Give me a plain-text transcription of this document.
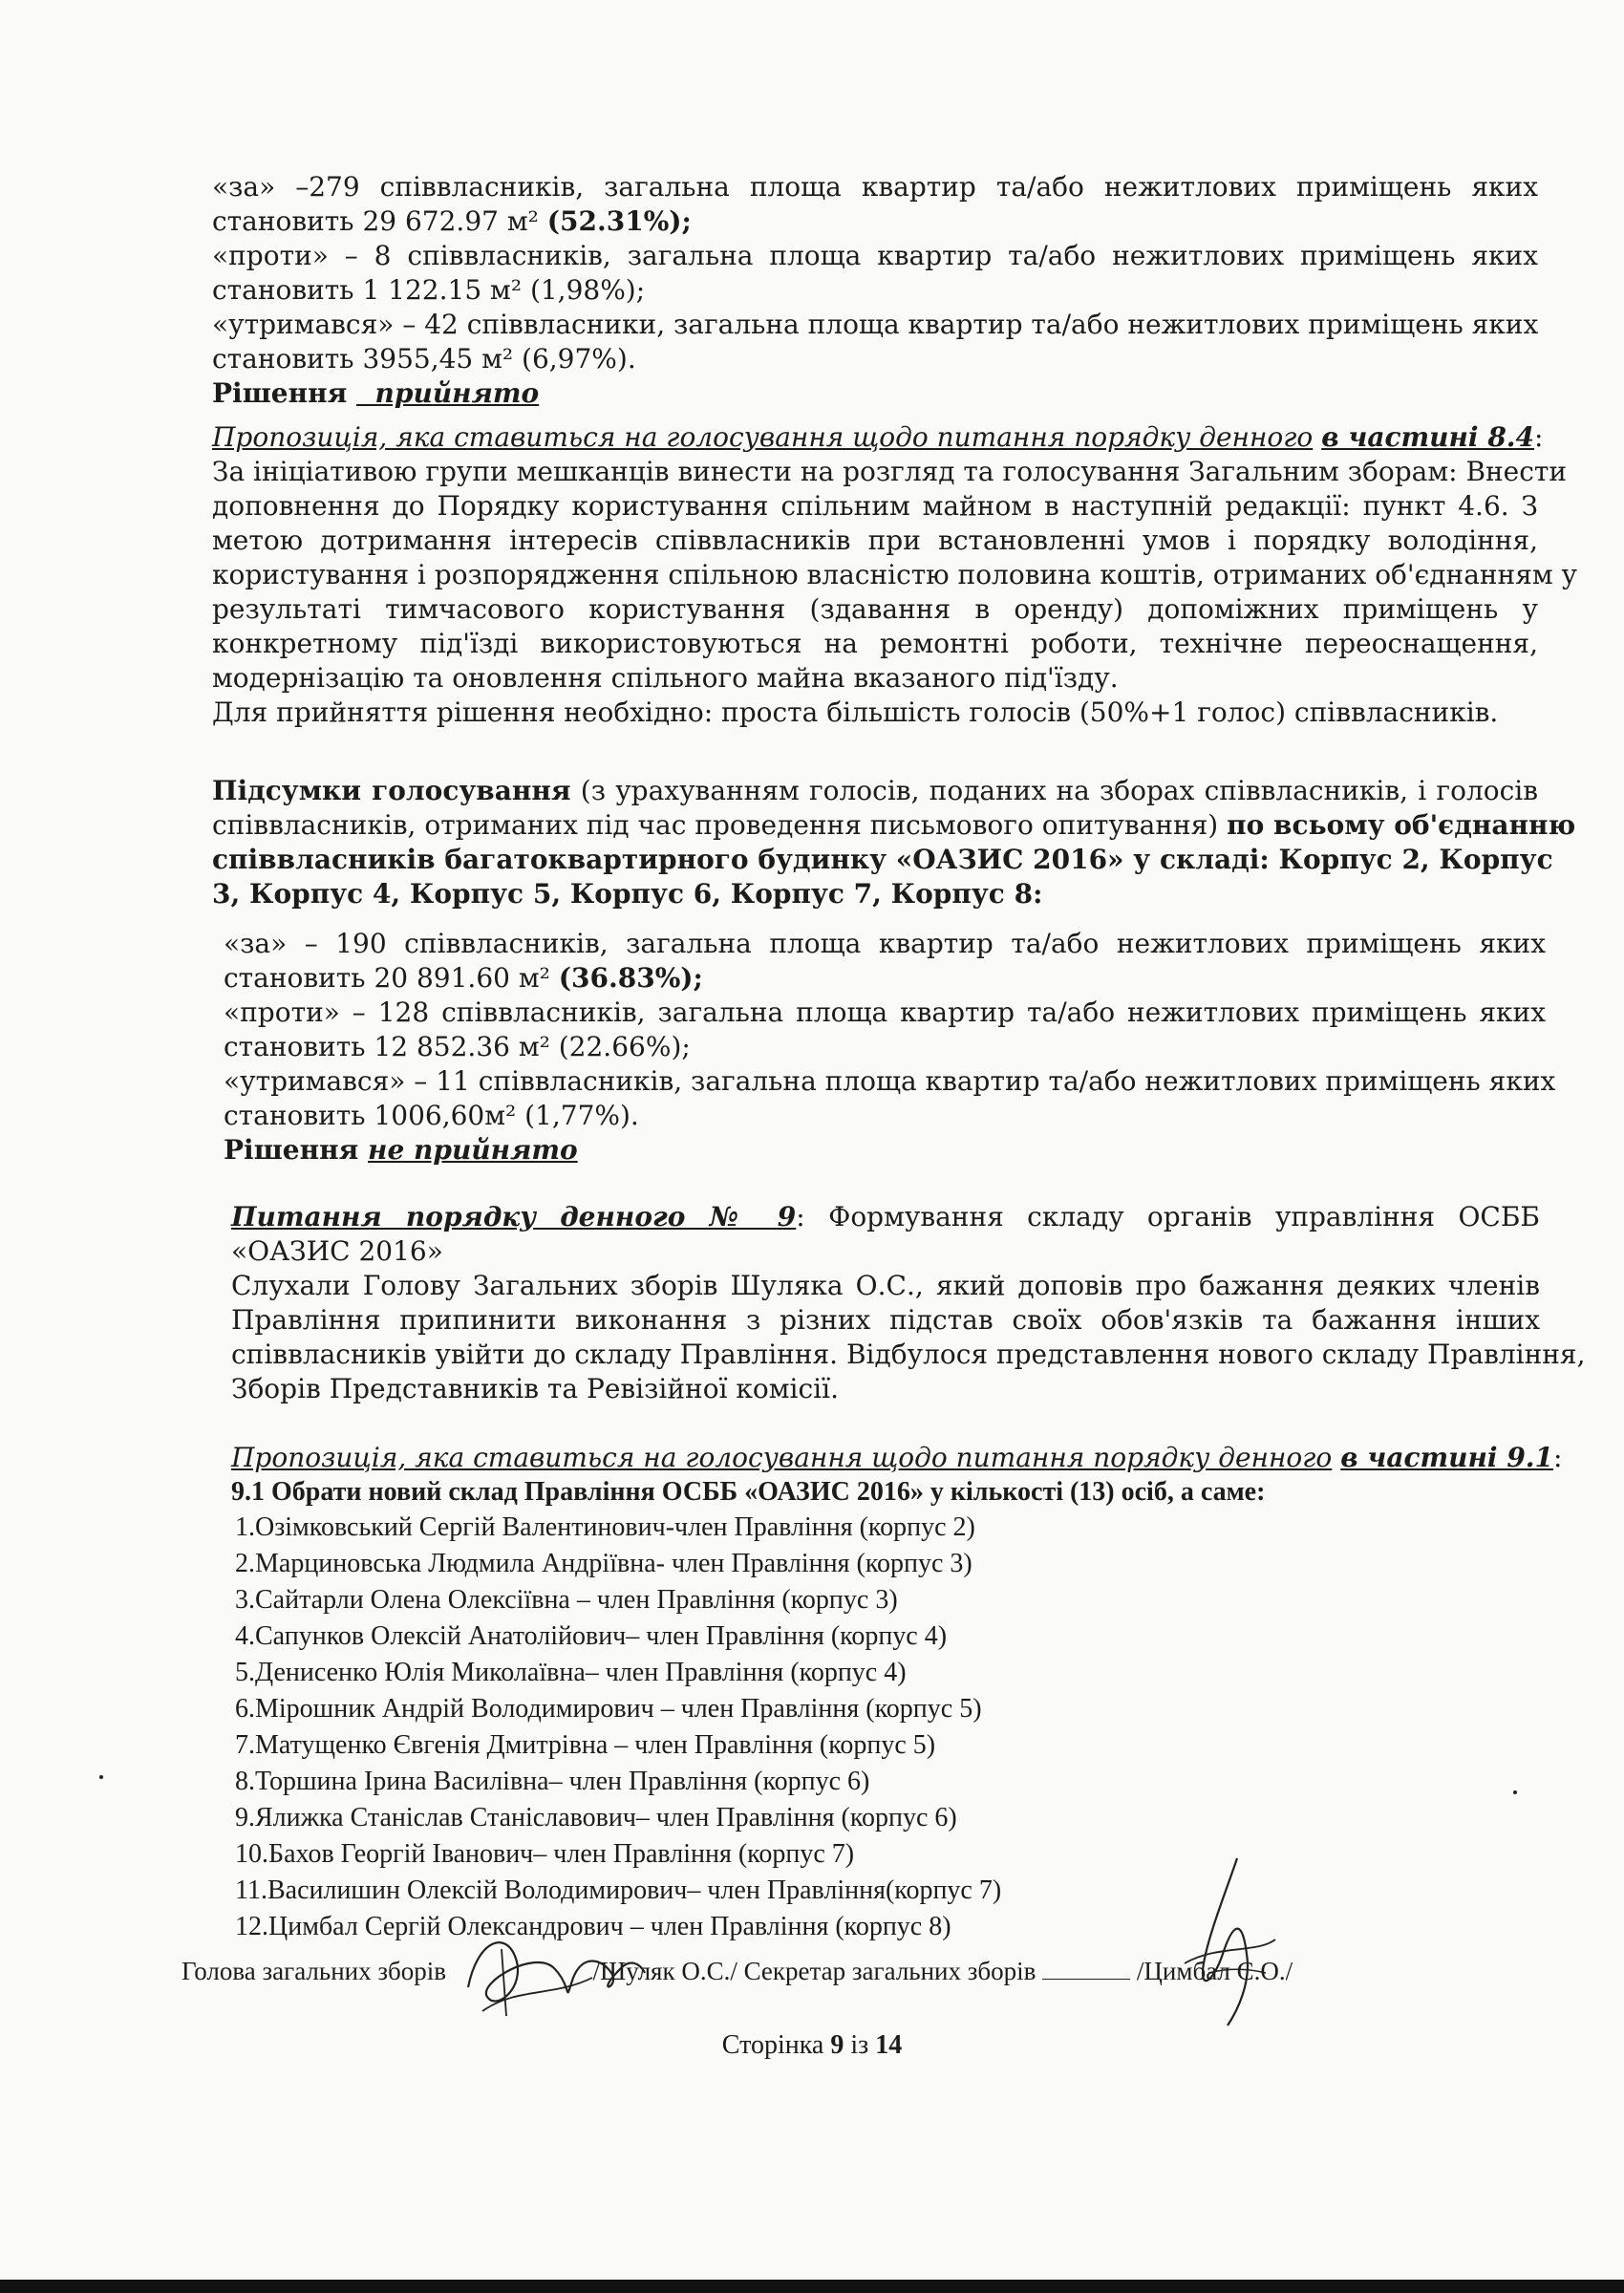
«за» –279 співвласників, загальна площа квартир та/або нежитлових приміщень яких

становить 29 672.97 м² (52.31%);

«проти» – 8 співвласників, загальна площа квартир та/або нежитлових приміщень яких

становить 1 122.15 м² (1,98%);

«утримався» – 42 співвласники, загальна площа квартир та/або нежитлових приміщень яких

становить 3955,45 м² (6,97%).

Рішення прийнято

Пропозиція, яка ставиться на голосування щодо питання порядку денного в частині 8.4:

За ініціативою групи мешканців винести на розгляд та голосування Загальним зборам: Внести

доповнення до Порядку користування спільним майном в наступній редакції: пункт 4.6. З

метою дотримання інтересів співвласників при встановленні умов і порядку володіння,

користування і розпорядження спільною власністю половина коштів, отриманих об'єднанням у

результаті тимчасового користування (здавання в оренду) допоміжних приміщень у

конкретному під'їзді використовуються на ремонтні роботи, технічне переоснащення,

модернізацію та оновлення спільного майна вказаного під'їзду.

Для прийняття рішення необхідно: проста більшість голосів (50%+1 голос) співвласників.

Підсумки голосування (з урахуванням голосів, поданих на зборах співвласників, і голосів

співвласників, отриманих під час проведення письмового опитування) по всьому об'єднанню

співвласників багатоквартирного будинку «ОАЗИС 2016» у складі: Корпус 2, Корпус

3, Корпус 4, Корпус 5, Корпус 6, Корпус 7, Корпус 8:

«за» – 190 співвласників, загальна площа квартир та/або нежитлових приміщень яких

становить 20 891.60 м² (36.83%);

«проти» – 128 співвласників, загальна площа квартир та/або нежитлових приміщень яких

становить 12 852.36 м² (22.66%);

«утримався» – 11 співвласників, загальна площа квартир та/або нежитлових приміщень яких

становить 1006,60м² (1,77%).

Рішення не прийнято

Питання порядку денного № 9: Формування складу органів управління ОСББ

«ОАЗИС 2016»

Слухали Голову Загальних зборів Шуляка О.С., який доповів про бажання деяких членів

Правління припинити виконання з різних підстав своїх обов'язків та бажання інших

співвласників увійти до складу Правління. Відбулося представлення нового складу Правління,

Зборів Представників та Ревізійної комісії.

Пропозиція, яка ставиться на голосування щодо питання порядку денного в частині 9.1:

9.1 Обрати новий склад Правління ОСББ «ОАЗИС 2016» у кількості (13) осіб, а саме:

1.Озімковський Сергій Валентинович-член Правління (корпус 2)

2.Марциновська Людмила Андріївна- член Правління (корпус 3)

3.Сайтарли Олена Олексіївна – член Правління (корпус 3)

4.Сапунков Олексій Анатолійович– член Правління (корпус 4)

5.Денисенко Юлія Миколаївна– член Правління (корпус 4)

6.Мірошник Андрій Володимирович – член Правління (корпус 5)

7.Матущенко Євгенія Дмитрівна – член Правління (корпус 5)

8.Торшина Ірина Василівна– член Правління (корпус 6)

9.Ялижка Станіслав Станіславович– член Правління (корпус 6)

10.Бахов Георгій Іванович– член Правління (корпус 7)

11.Василишин Олексій Володимирович– член Правління(корпус 7)

12.Цимбал Сергій Олександрович – член Правління (корпус 8)

Голова загальних зборів	/Шуляк О.С./ Секретар загальних зборів	/Цимбал С.О./
Сторінка 9 із 14
